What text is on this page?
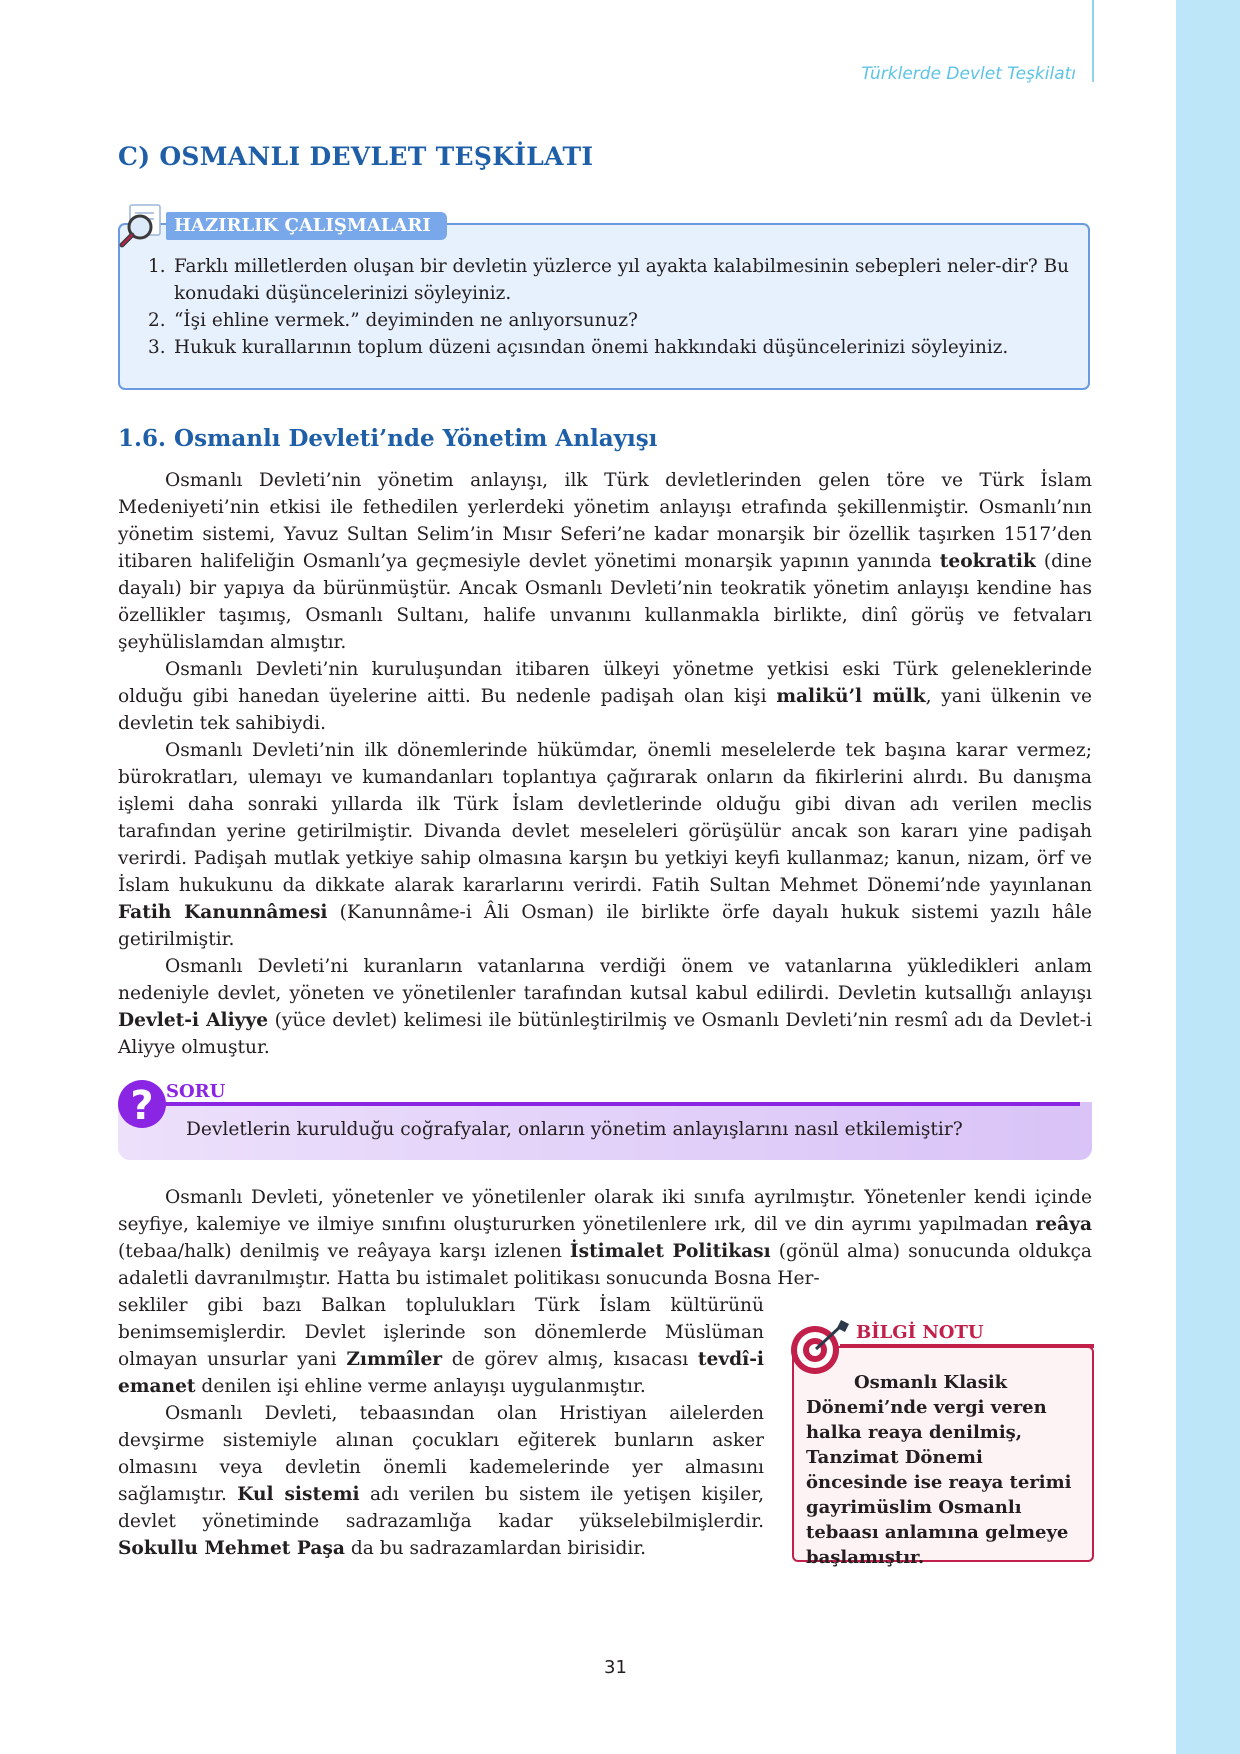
Türklerde Devlet Teşkilatı
C) OSMANLI DEVLET TEŞKİLATI
HAZIRLIK ÇALIŞMALARI
1. Farklı milletlerden oluşan bir devletin yüzlerce yıl ayakta kalabilmesinin sebepleri neler-dir? Bu konudaki düşüncelerinizi söyleyiniz.
2. “İşi ehline vermek.” deyiminden ne anlıyorsunuz?
3. Hukuk kurallarının toplum düzeni açısından önemi hakkındaki düşüncelerinizi söyleyiniz.
1.6. Osmanlı Devleti’nde Yönetim Anlayışı

Osmanlı Devleti’nin yönetim anlayışı, ilk Türk devletlerinden gelen töre ve Türk İslam Medeniyeti’nin etkisi ile fethedilen yerlerdeki yönetim anlayışı etrafında şekillenmiştir. Osmanlı’nın yönetim sistemi, Yavuz Sultan Selim’in Mısır Seferi’ne kadar monarşik bir özellik taşırken 1517’den itibaren halifeliğin Osmanlı’ya geçmesiyle devlet yönetimi monarşik yapının yanında teokratik (dine dayalı) bir yapıya da bürünmüştür. Ancak Osmanlı Devleti’nin teokratik yönetim anlayışı kendine has özellikler taşımış, Osmanlı Sultanı, halife unvanını kullanmakla birlikte, dinî görüş ve fetvaları şeyhülislamdan almıştır.

Osmanlı Devleti’nin kuruluşundan itibaren ülkeyi yönetme yetkisi eski Türk geleneklerinde olduğu gibi hanedan üyelerine aitti. Bu nedenle padişah olan kişi malikü’l mülk, yani ülkenin ve devletin tek sahibiydi.

Osmanlı Devleti’nin ilk dönemlerinde hükümdar, önemli meselelerde tek başına karar vermez; bürokratları, ulemayı ve kumandanları toplantıya çağırarak onların da fikirlerini alırdı. Bu danışma işlemi daha sonraki yıllarda ilk Türk İslam devletlerinde olduğu gibi divan adı verilen meclis tarafından yerine getirilmiştir. Divanda devlet meseleleri görüşülür ancak son kararı yine padişah verirdi. Padişah mutlak yetkiye sahip olmasına karşın bu yetkiyi keyfi kullanmaz; kanun, nizam, örf ve İslam hukukunu da dikkate alarak kararlarını verirdi. Fatih Sultan Mehmet Dönemi’nde yayınlanan Fatih Kanunnâmesi (Kanunnâme-i Âli Osman) ile birlikte örfe dayalı hukuk sistemi yazılı hâle getirilmiştir.

Osmanlı Devleti’ni kuranların vatanlarına verdiği önem ve vatanlarına yükledikleri anlam nedeniyle devlet, yöneten ve yönetilenler tarafından kutsal kabul edilirdi. Devletin kutsallığı anlayışı Devlet-i Aliyye (yüce devlet) kelimesi ile bütünleştirilmiş ve Osmanlı Devleti’nin resmî adı da Devlet-i Aliyye olmuştur.

? SORU
Devletlerin kurulduğu coğrafyalar, onların yönetim anlayışlarını nasıl etkilemiştir?

Osmanlı Devleti, yönetenler ve yönetilenler olarak iki sınıfa ayrılmıştır. Yönetenler kendi içinde seyfiye, kalemiye ve ilmiye sınıfını oluştururken yönetilenlere ırk, dil ve din ayrımı yapılmadan reâya (tebaa/halk) denilmiş ve reâyaya karşı izlenen İstimalet Politikası (gönül alma) sonucunda oldukça adaletli davranılmıştır. Hatta bu istimalet politikası sonucunda Bosna Her-

sekliler gibi bazı Balkan toplulukları Türk İslam kültürünü benimsemişlerdir. Devlet işlerinde son dönemlerde Müslüman olmayan unsurlar yani Zımmîler de görev almış, kısacası tevdî-i emanet denilen işi ehline verme anlayışı uygulanmıştır.

Osmanlı Devleti, tebaasından olan Hristiyan ailelerden devşirme sistemiyle alınan çocukları eğiterek bunların asker olmasını veya devletin önemli kademelerinde yer almasını sağlamıştır. Kul sistemi adı verilen bu sistem ile yetişen kişiler, devlet yönetiminde sadrazamlığa kadar yükselebilmişlerdir. Sokullu Mehmet Paşa da bu sadrazamlardan birisidir.

BİLGİ NOTU

Osmanlı Klasik Dönemi’nde vergi veren halka reaya denilmiş, Tanzimat Dönemi öncesinde ise reaya terimi gayrimüslim Osmanlı tebaası anlamına gelmeye başlamıştır.

31
